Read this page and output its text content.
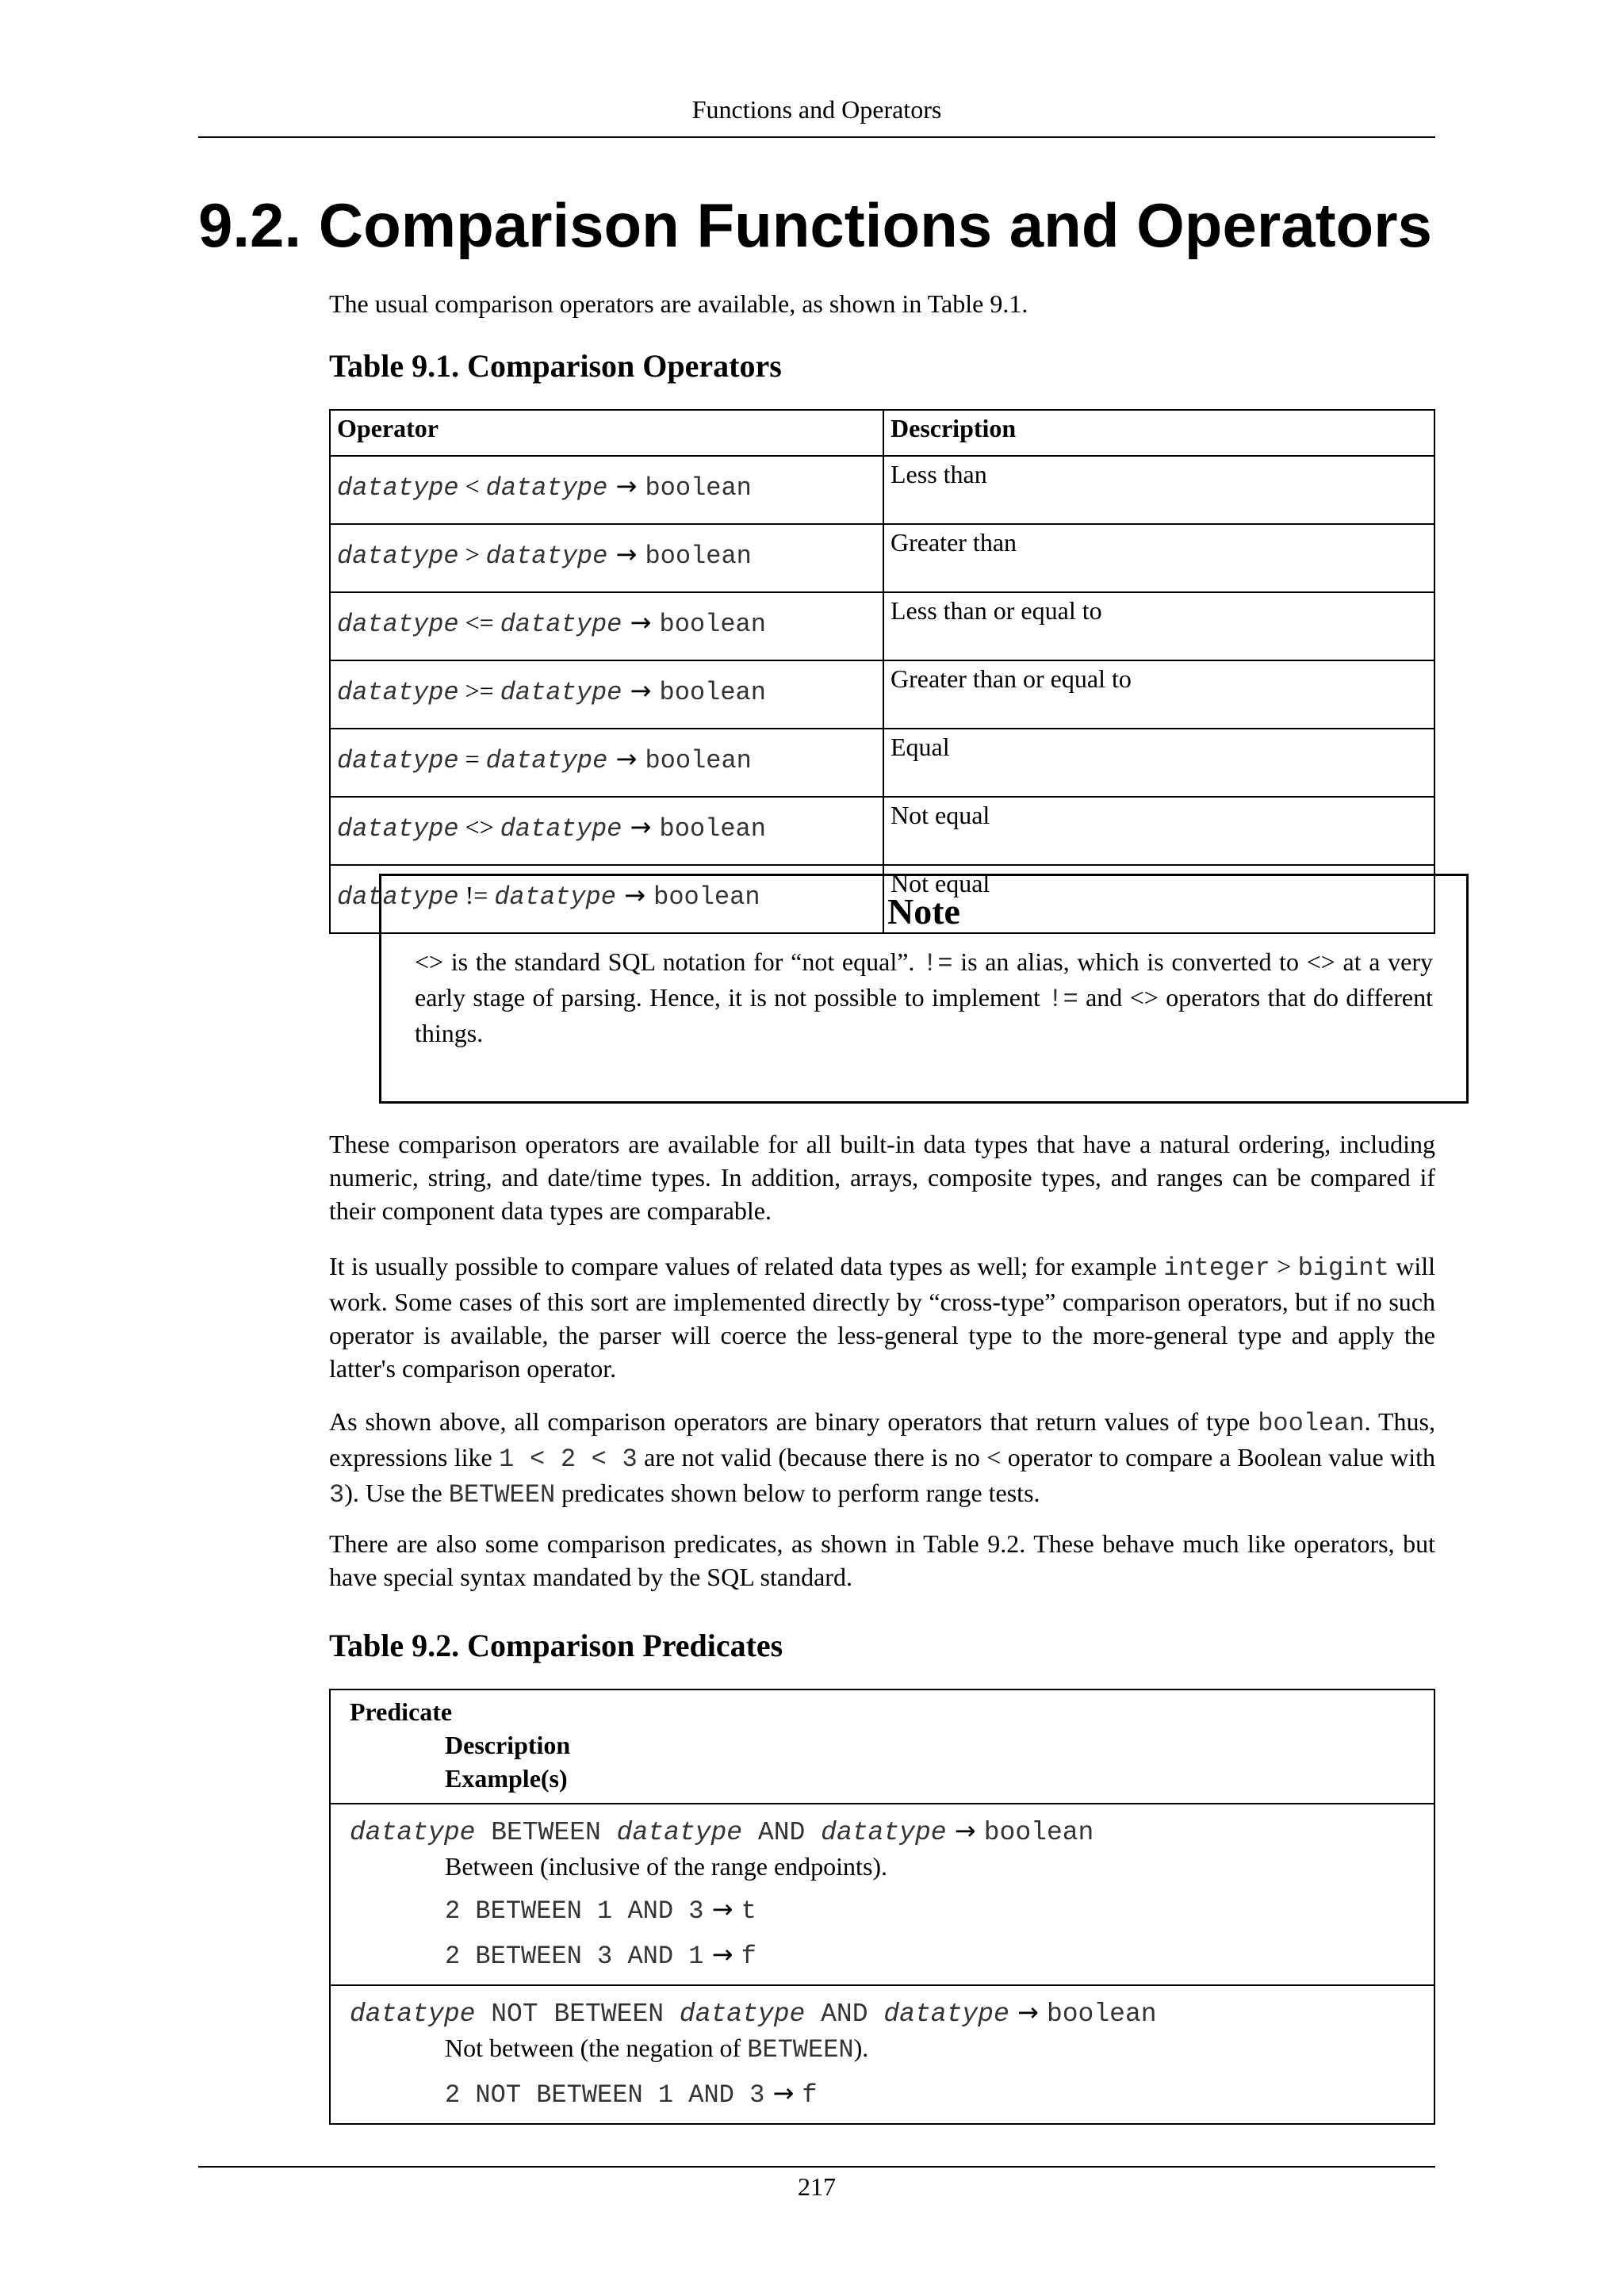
Functions and Operators
9.2. Comparison Functions and Operators

The usual comparison operators are available, as shown in Table 9.1.

Table 9.1. Comparison Operators
Operator	Description
datatype < datatype → boolean	Less than
datatype > datatype → boolean	Greater than
datatype <= datatype → boolean	Less than or equal to
datatype >= datatype → boolean	Greater than or equal to
datatype = datatype → boolean	Equal
datatype <> datatype → boolean	Not equal
datatype != datatype → boolean	Not equal
Note

<> is the standard SQL notation for “not equal”. != is an alias, which is converted to <> at a very early stage of parsing. Hence, it is not possible to implement != and <> operators that do different things.

These comparison operators are available for all built-in data types that have a natural ordering, including numeric, string, and date/time types. In addition, arrays, composite types, and ranges can be compared if their component data types are comparable.

It is usually possible to compare values of related data types as well; for example integer > bigint will work. Some cases of this sort are implemented directly by “cross-type” comparison operators, but if no such operator is available, the parser will coerce the less-general type to the more-general type and apply the latter's comparison operator.

As shown above, all comparison operators are binary operators that return values of type boolean. Thus, expressions like 1 < 2 < 3 are not valid (because there is no < operator to compare a Boolean value with 3). Use the BETWEEN predicates shown below to perform range tests.

There are also some comparison predicates, as shown in Table 9.2. These behave much like operators, but have special syntax mandated by the SQL standard.

Table 9.2. Comparison Predicates
Predicate
Description
Example(s)
datatype BETWEEN datatype AND datatype → boolean
Between (inclusive of the range endpoints).
2 BETWEEN 1 AND 3 → t
2 BETWEEN 3 AND 1 → f
datatype NOT BETWEEN datatype AND datatype → boolean
Not between (the negation of BETWEEN).
2 NOT BETWEEN 1 AND 3 → f
217
